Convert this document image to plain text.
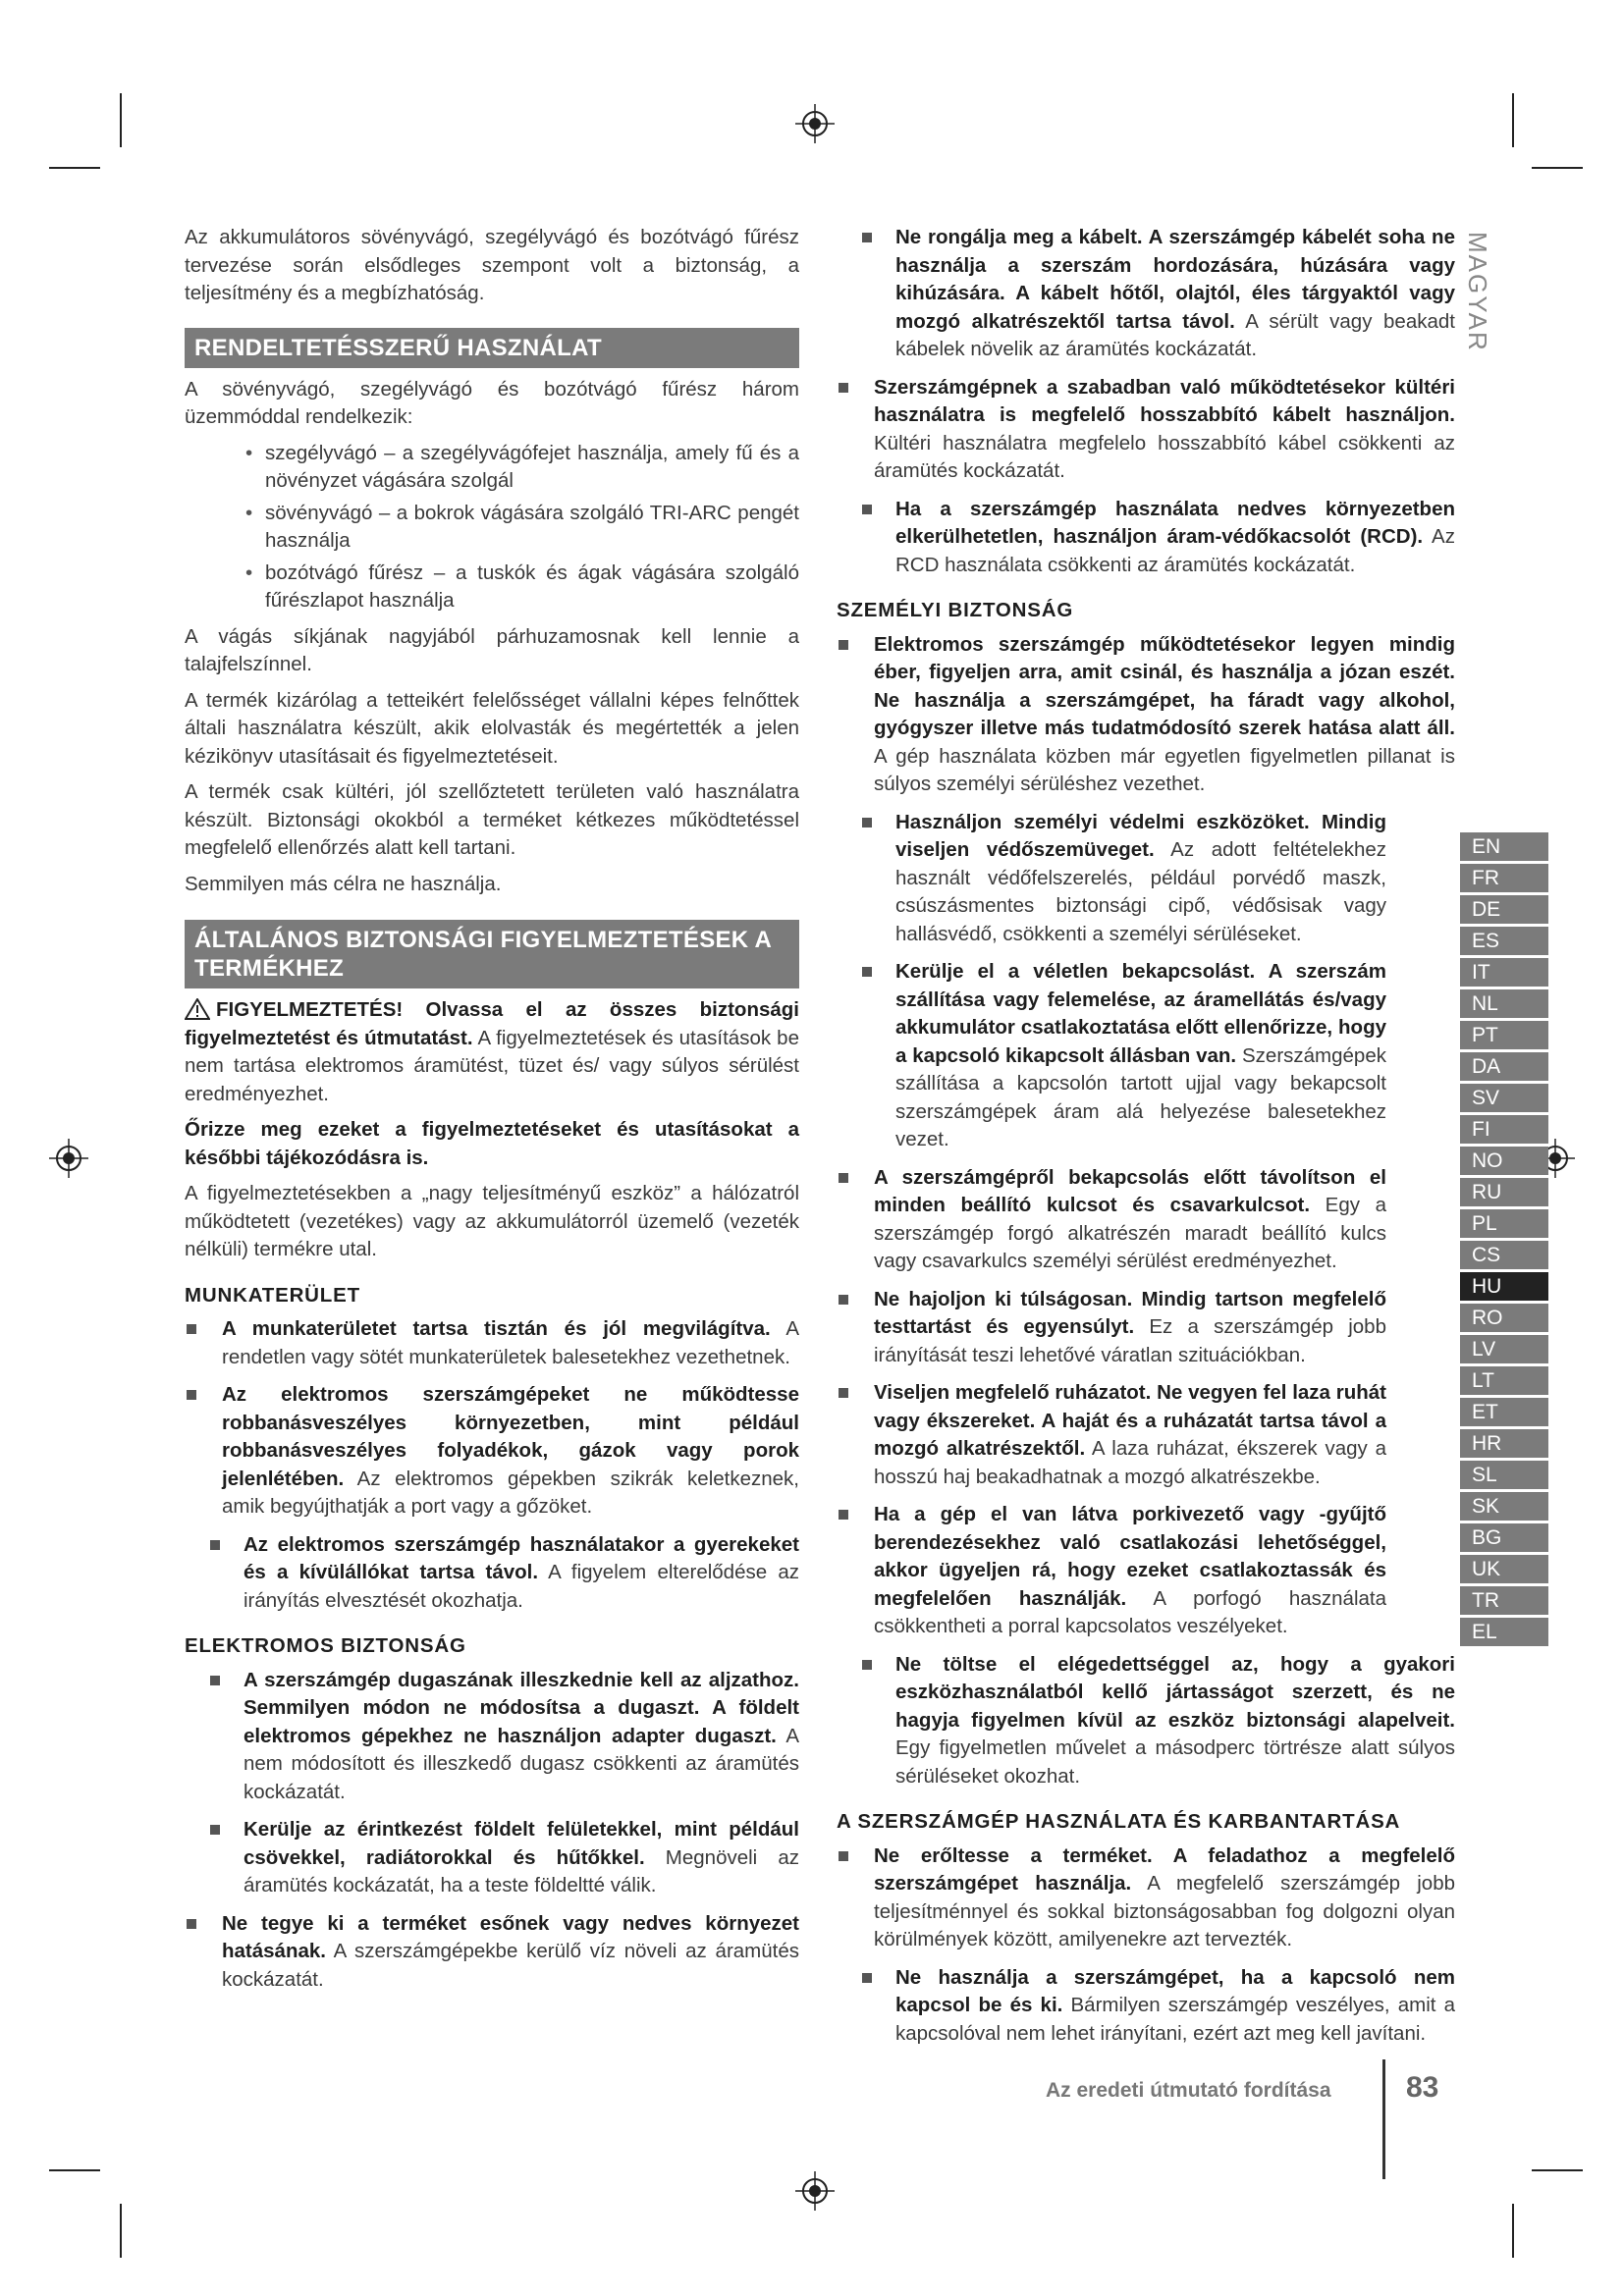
MAGYAR
EN
FR
DE
ES
IT
NL
PT
DA
SV
FI
NO
RU
PL
CS
HU
RO
LV
LT
ET
HR
SL
SK
BG
UK
TR
EL

Az akkumulátoros sövényvágó, szegélyvágó és bozótvágó fűrész tervezése során elsődleges szempont volt a biztonság, a teljesítmény és a megbízhatóság.

RENDELTETÉSSZERŰ HASZNÁLAT

A sövényvágó, szegélyvágó és bozótvágó fűrész három üzemmóddal rendelkezik:

• szegélyvágó – a szegélyvágófejet használja, amely fű és a növényzet vágására szolgál
• sövényvágó – a bokrok vágására szolgáló TRI-ARC pengét használja
• bozótvágó fűrész – a tuskók és ágak vágására szolgáló fűrészlapot használja

A vágás síkjának nagyjából párhuzamosnak kell lennie a talajfelszínnel.

A termék kizárólag a tetteikért felelősséget vállalni képes felnőttek általi használatra készült, akik elolvasták és megértették a jelen kézikönyv utasításait és figyelmeztetéseit.

A termék csak kültéri, jól szellőztetett területen való használatra készült. Biztonsági okokból a terméket kétkezes működtetéssel megfelelő ellenőrzés alatt kell tartani.

Semmilyen más célra ne használja.

ÁLTALÁNOS BIZTONSÁGI FIGYELMEZTETÉSEK A TERMÉKHEZ

FIGYELMEZTETÉS! Olvassa el az összes biztonsági figyelmeztetést és útmutatást. A figyelmeztetések és utasítások be nem tartása elektromos áramütést, tüzet és/ vagy súlyos sérülést eredményezhet.

Őrizze meg ezeket a figyelmeztetéseket és utasításokat a későbbi tájékozódásra is.

A figyelmeztetésekben a „nagy teljesítményű eszköz” a hálózatról működtetett (vezetékes) vagy az akkumulátorról üzemelő (vezeték nélküli) termékre utal.

MUNKATERÜLET
A munkaterületet tartsa tisztán és jól megvilágítva. A rendetlen vagy sötét munkaterületek balesetekhez vezethetnek.
Az elektromos szerszámgépeket ne működtesse robbanásveszélyes környezetben, mint például robbanásveszélyes folyadékok, gázok vagy porok jelenlétében. Az elektromos gépekben szikrák keletkeznek, amik begyújthatják a port vagy a gőzöket.
Az elektromos szerszámgép használatakor a gyerekeket és a kívülállókat tartsa távol. A figyelem elterelődése az irányítás elvesztését okozhatja.
ELEKTROMOS BIZTONSÁG
A szerszámgép dugaszának illeszkednie kell az aljzathoz. Semmilyen módon ne módosítsa a dugaszt. A földelt elektromos gépekhez ne használjon adapter dugaszt. A nem módosított és illeszkedő dugasz csökkenti az áramütés kockázatát.
Kerülje az érintkezést földelt felületekkel, mint például csövekkel, radiátorokkal és hűtőkkel. Megnöveli az áramütés kockázatát, ha a teste földeltté válik.
Ne tegye ki a terméket esőnek vagy nedves környezet hatásának. A szerszámgépekbe kerülő víz növeli az áramütés kockázatát.
Ne rongálja meg a kábelt. A szerszámgép kábelét soha ne használja a szerszám hordozására, húzására vagy kihúzására. A kábelt hőtől, olajtól, éles tárgyaktól vagy mozgó alkatrészektől tartsa távol. A sérült vagy beakadt kábelek növelik az áramütés kockázatát.
Szerszámgépnek a szabadban való működtetésekor kültéri használatra is megfelelő hosszabbító kábelt használjon. Kültéri használatra megfelelo hosszabbító kábel csökkenti az áramütés kockázatát.
Ha a szerszámgép használata nedves környezetben elkerülhetetlen, használjon áram-védőkacsolót (RCD). Az RCD használata csökkenti az áramütés kockázatát.
SZEMÉLYI BIZTONSÁG
Elektromos szerszámgép működtetésekor legyen mindig éber, figyeljen arra, amit csinál, és használja a józan eszét. Ne használja a szerszámgépet, ha fáradt vagy alkohol, gyógyszer illetve más tudatmódosító szerek hatása alatt áll. A gép használata közben már egyetlen figyelmetlen pillanat is súlyos személyi sérüléshez vezethet.
Használjon személyi védelmi eszközöket. Mindig viseljen védőszemüveget. Az adott feltételekhez használt védőfelszerelés, például porvédő maszk, csúszásmentes biztonsági cipő, védősisak vagy hallásvédő, csökkenti a személyi sérüléseket.
Kerülje el a véletlen bekapcsolást. A szerszám szállítása vagy felemelése, az áramellátás és/vagy akkumulátor csatlakoztatása előtt ellenőrizze, hogy a kapcsoló kikapcsolt állásban van. Szerszámgépek szállítása a kapcsolón tartott ujjal vagy bekapcsolt szerszámgépek áram alá helyezése balesetekhez vezet.
A szerszámgépről bekapcsolás előtt távolítson el minden beállító kulcsot és csavarkulcsot. Egy a szerszámgép forgó alkatrészén maradt beállító kulcs vagy csavarkulcs személyi sérülést eredményezhet.
Ne hajoljon ki túlságosan. Mindig tartson megfelelő testtartást és egyensúlyt. Ez a szerszámgép jobb irányítását teszi lehetővé váratlan szituációkban.
Viseljen megfelelő ruházatot. Ne vegyen fel laza ruhát vagy ékszereket. A haját és a ruházatát tartsa távol a mozgó alkatrészektől. A laza ruházat, ékszerek vagy a hosszú haj beakadhatnak a mozgó alkatrészekbe.
Ha a gép el van látva porkivezető vagy -gyűjtő berendezésekhez való csatlakozási lehetőséggel, akkor ügyeljen rá, hogy ezeket csatlakoztassák és megfelelően használják. A porfogó használata csökkentheti a porral kapcsolatos veszélyeket.
Ne töltse el elégedettséggel az, hogy a gyakori eszközhasználatból kellő jártasságot szerzett, és ne hagyja figyelmen kívül az eszköz biztonsági alapelveit. Egy figyelmetlen művelet a másodperc törtrésze alatt súlyos sérüléseket okozhat.
A SZERSZÁMGÉP HASZNÁLATA ÉS KARBANTARTÁSA
Ne erőltesse a terméket. A feladathoz a megfelelő szerszámgépet használja. A megfelelő szerszámgép jobb teljesítménnyel és sokkal biztonságosabban fog dolgozni olyan körülmények között, amilyenekre azt tervezték.
Ne használja a szerszámgépet, ha a kapcsoló nem kapcsol be és ki. Bármilyen szerszámgép veszélyes, amit a kapcsolóval nem lehet irányítani, ezért azt meg kell javítani.
Az eredeti útmutató fordítása	83
